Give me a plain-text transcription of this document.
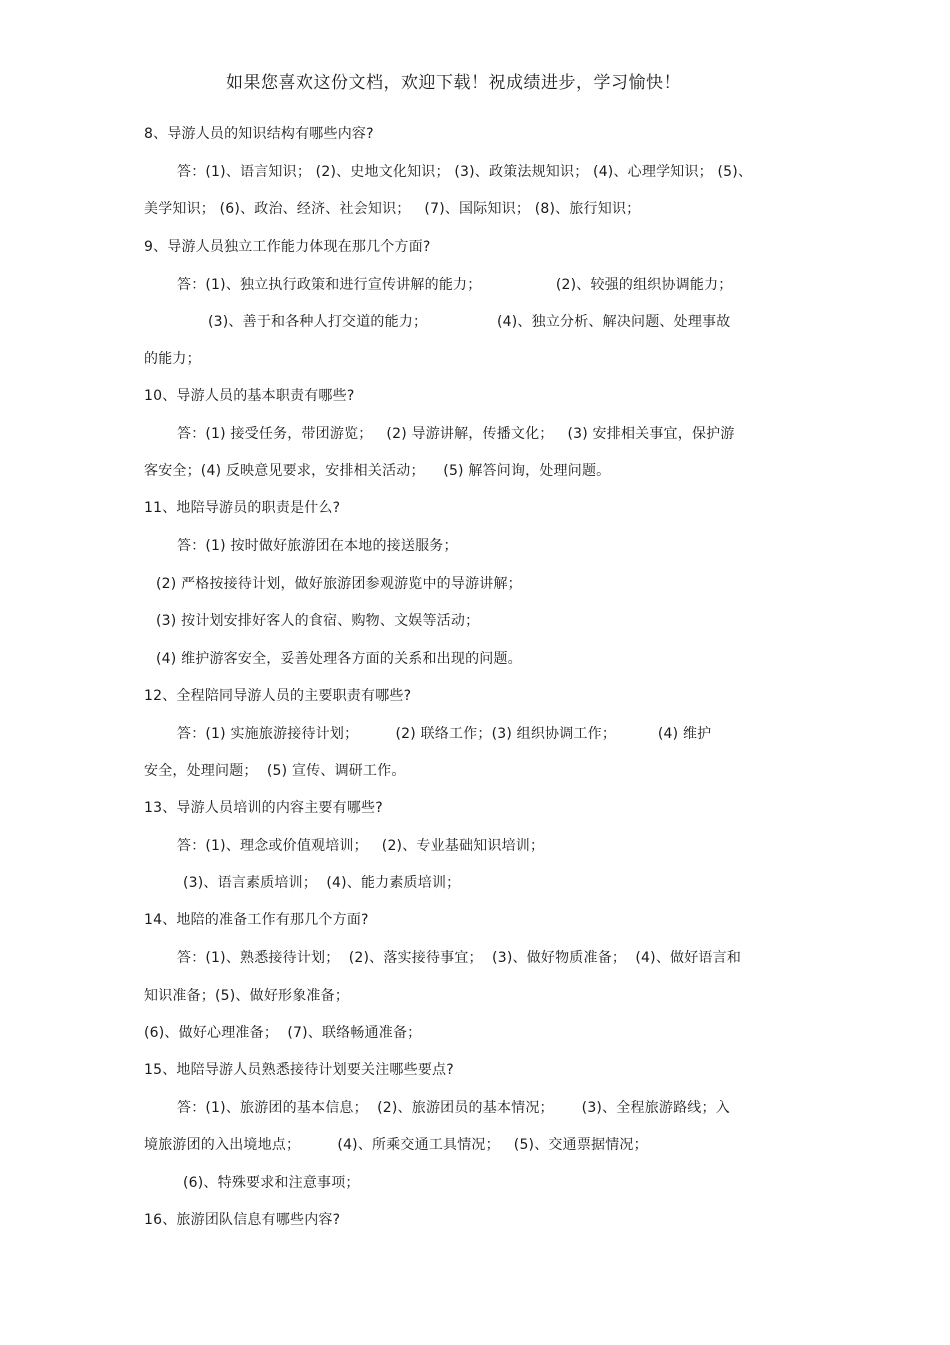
如果您喜欢这份文档，欢迎下载！祝成绩进步，学习愉快！
8、导游人员的知识结构有哪些内容?
答：(1)、语言知识； (2)、史地文化知识； (3)、政策法规知识； (4)、心理学知识； (5)、
美学知识； (6)、政治、经济、社会知识；   (7)、国际知识； (8)、旅行知识；
9、导游人员独立工作能力体现在那几个方面?
答：(1)、独立执行政策和进行宣传讲解的能力；                (2)、较强的组织协调能力；
(3)、善于和各种人打交道的能力；               (4)、独立分析、解决问题、处理事故
的能力；
10、导游人员的基本职责有哪些?
答：(1) 接受任务，带团游览；   (2) 导游讲解，传播文化；   (3) 安排相关事宜，保护游
客安全；(4) 反映意见要求，安排相关活动；    (5) 解答问询，处理问题。
11、地陪导游员的职责是什么?
答：(1) 按时做好旅游团在本地的接送服务；
(2) 严格按接待计划，做好旅游团参观游览中的导游讲解；
(3) 按计划安排好客人的食宿、购物、文娱等活动；
(4) 维护游客安全，妥善处理各方面的关系和出现的问题。
12、全程陪同导游人员的主要职责有哪些?
答：(1) 实施旅游接待计划；        (2) 联络工作；(3) 组织协调工作；         (4) 维护
安全，处理问题；  (5) 宣传、调研工作。
13、导游人员培训的内容主要有哪些?
答：(1)、理念或价值观培训；   (2)、专业基础知识培训；
(3)、语言素质培训；  (4)、能力素质培训；
14、地陪的准备工作有那几个方面?
答：(1)、熟悉接待计划；  (2)、落实接待事宜；  (3)、做好物质准备；  (4)、做好语言和
知识准备；(5)、做好形象准备；
(6)、做好心理准备；  (7)、联络畅通准备；
15、地陪导游人员熟悉接待计划要关注哪些要点?
答：(1)、旅游团的基本信息；  (2)、旅游团员的基本情况；      (3)、全程旅游路线；入
境旅游团的入出境地点；        (4)、所乘交通工具情况；   (5)、交通票据情况；
(6)、特殊要求和注意事项；
16、旅游团队信息有哪些内容?
